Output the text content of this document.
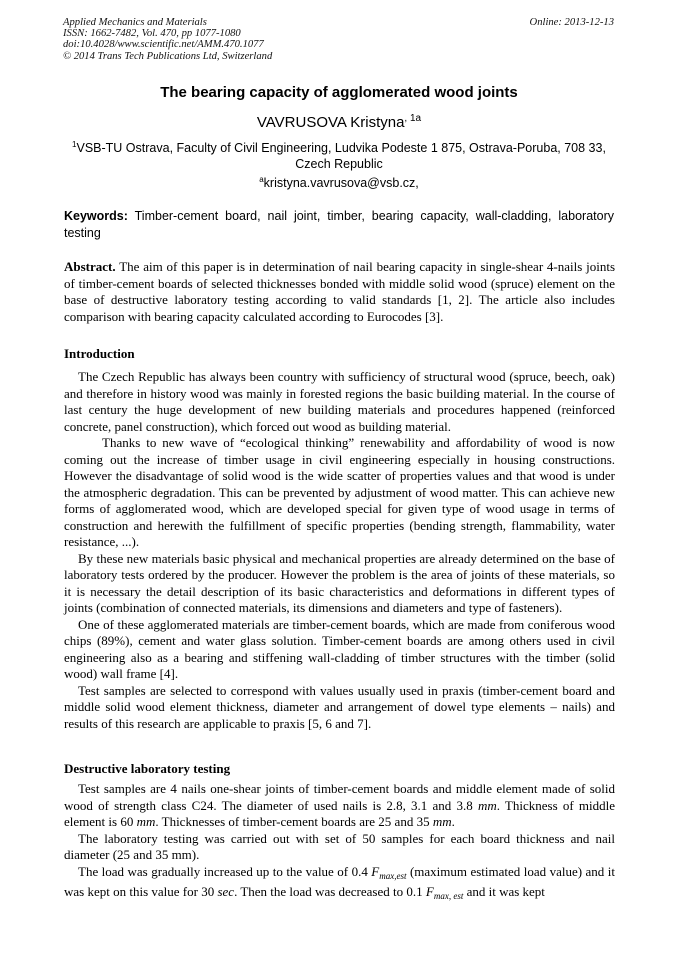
Applied Mechanics and Materials
ISSN: 1662-7482, Vol. 470, pp 1077-1080
doi:10.4028/www.scientific.net/AMM.470.1077
© 2014 Trans Tech Publications Ltd, Switzerland
Online: 2013-12-13
The bearing capacity of agglomerated wood joints
VAVRUSOVA Kristyna$^{, 1a}$
$^1$VSB-TU Ostrava, Faculty of Civil Engineering, Ludvika Podeste 1 875, Ostrava-Poruba, 708 33, Czech Republic
$^a$kristyna.vavrusova@vsb.cz,
Keywords: Timber-cement board, nail joint, timber, bearing capacity, wall-cladding, laboratory testing
Abstract. The aim of this paper is in determination of nail bearing capacity in single-shear 4-nails joints of timber-cement boards of selected thicknesses bonded with middle solid wood (spruce) element on the base of destructive laboratory testing according to valid standards [1, 2]. The article also includes comparison with bearing capacity calculated according to Eurocodes [3].
Introduction

The Czech Republic has always been country with sufficiency of structural wood (spruce, beech, oak) and therefore in history wood was mainly in forested regions the basic building material. In the course of last century the huge development of new building materials and procedures happened (reinforced concrete, panel construction), which forced out wood as building material.

Thanks to new wave of “ecological thinking” renewability and affordability of wood is now coming out the increase of timber usage in civil engineering especially in housing constructions. However the disadvantage of solid wood is the wide scatter of properties values and that wood is under the atmospheric degradation. This can be prevented by adjustment of wood matter. This can achieve new forms of agglomerated wood, which are developed special for given type of wood usage in terms of construction and herewith the fulfillment of specific properties (bending strength, flammability, water resistance, ...).

By these new materials basic physical and mechanical properties are already determined on the base of laboratory tests ordered by the producer. However the problem is the area of joints of these materials, so it is necessary the detail description of its basic characteristics and deformations in different types of joints (combination of connected materials, its dimensions and diameters and type of fasteners).

One of these agglomerated materials are timber-cement boards, which are made from coniferous wood chips (89%), cement and water glass solution. Timber-cement boards are among others used in civil engineering also as a bearing and stiffening wall-cladding of timber structures with the timber (solid wood) wall frame [4].

Test samples are selected to correspond with values usually used in praxis (timber-cement board and middle solid wood element thickness, diameter and arrangement of dowel type elements – nails) and results of this research are applicable to praxis [5, 6 and 7].

Destructive laboratory testing

Test samples are 4 nails one-shear joints of timber-cement boards and middle element made of solid wood of strength class C24. The diameter of used nails is 2.8, 3.1 and 3.8 mm. Thickness of middle element is 60 mm. Thicknesses of timber-cement boards are 25 and 35 mm.

The laboratory testing was carried out with set of 50 samples for each board thickness and nail diameter (25 and 35 mm).

The load was gradually increased up to the value of 0.4 $F_{max,est}$ (maximum estimated load value) and it was kept on this value for 30 sec. Then the load was decreased to 0.1 $F_{max, est}$ and it was kept
